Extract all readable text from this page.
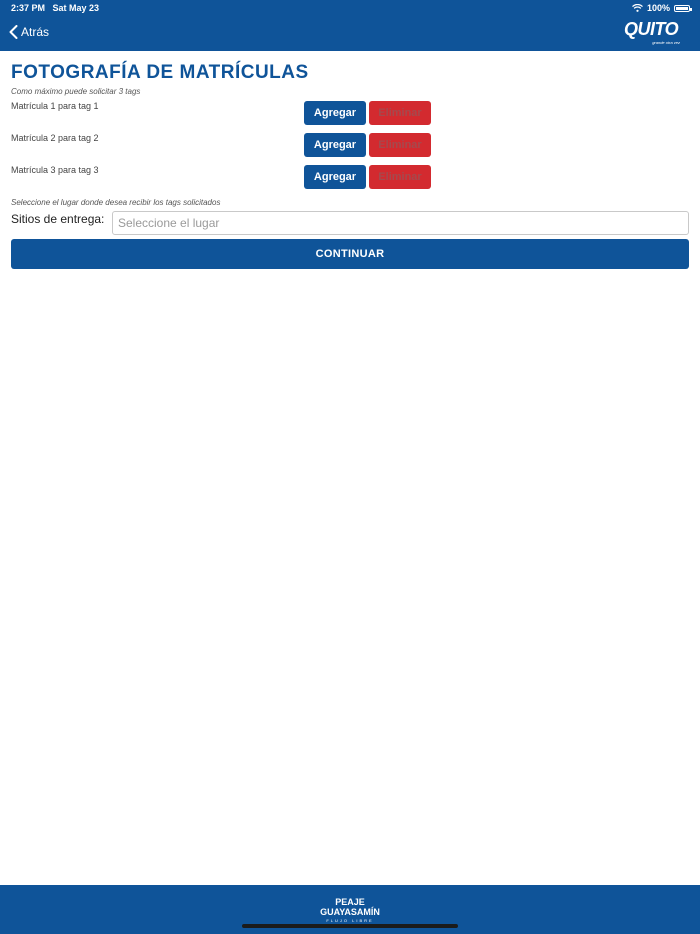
2:37 PM Sat May 23	100%
Atrás	QUITO
grande otra vez
FOTOGRAFÍA DE MATRÍCULAS
Como máximo puede solicitar 3 tags
Matrícula 1 para tag 1
Agregar	Eliminar
Matrícula 2 para tag 2
Agregar	Eliminar
Matrícula 3 para tag 3
Agregar	Eliminar
Seleccione el lugar donde desea recibir los tags solicitados
Sitios de entrega: Seleccione el lugar
CONTINUAR
PEAJE
GUAYASAMÍN
FLUJO LIBRE
